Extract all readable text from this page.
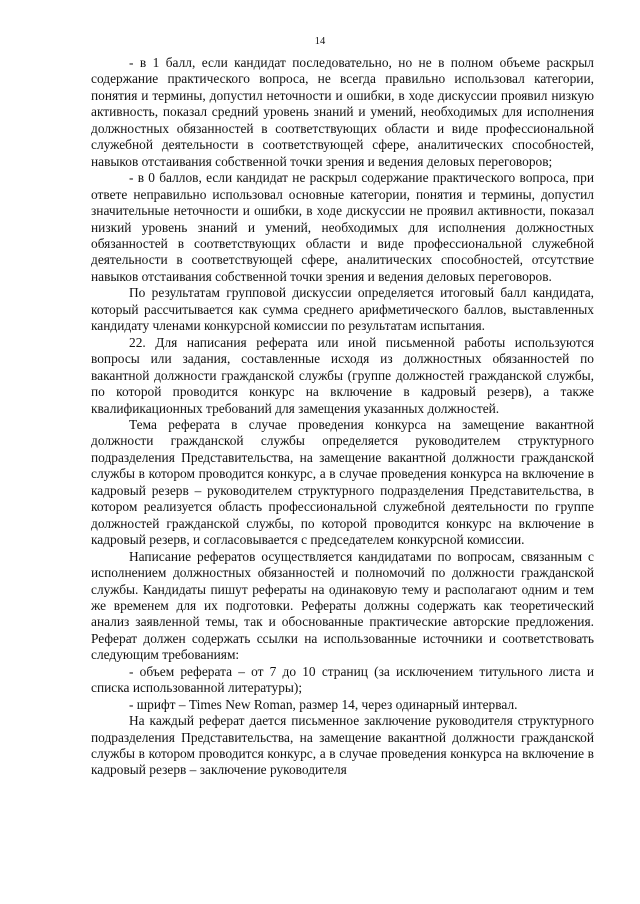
14

- в 1 балл, если кандидат последовательно, но не в полном объеме раскрыл содержание практического вопроса, не всегда правильно использовал категории, понятия и термины, допустил неточности и ошибки, в ходе дискуссии проявил низкую активность, показал средний уровень знаний и умений, необходимых для исполнения должностных обязанностей в соответствующих области и виде профессиональной служебной деятельности в соответствующей сфере, аналитических способностей, навыков отстаивания собственной точки зрения и ведения деловых переговоров;

- в 0 баллов, если кандидат не раскрыл содержание практического вопроса, при ответе неправильно использовал основные категории, понятия и термины, допустил значительные неточности и ошибки, в ходе дискуссии не проявил активности, показал низкий уровень знаний и умений, необходимых для исполнения должностных обязанностей в соответствующих области и виде профессиональной служебной деятельности в соответствующей сфере, аналитических способностей, отсутствие навыков отстаивания собственной точки зрения и ведения деловых переговоров.

По результатам групповой дискуссии определяется итоговый балл кандидата, который рассчитывается как сумма среднего арифметического баллов, выставленных кандидату членами конкурсной комиссии по результатам испытания.

22. Для написания реферата или иной письменной работы используются вопросы или задания, составленные исходя из должностных обязанностей по вакантной должности гражданской службы (группе должностей гражданской службы, по которой проводится конкурс на включение в кадровый резерв), а также квалификационных требований для замещения указанных должностей.

Тема реферата в случае проведения конкурса на замещение вакантной должности гражданской службы определяется руководителем структурного подразделения Представительства, на замещение вакантной должности гражданской службы в котором проводится конкурс, а в случае проведения конкурса на включение в кадровый резерв – руководителем структурного подразделения Представительства, в котором реализуется область профессиональной служебной деятельности по группе должностей гражданской службы, по которой проводится конкурс на включение в кадровый резерв, и согласовывается с председателем конкурсной комиссии.

Написание рефератов осуществляется кандидатами по вопросам, связанным с исполнением должностных обязанностей и полномочий по должности гражданской службы. Кандидаты пишут рефераты на одинаковую тему и располагают одним и тем же временем для их подготовки. Рефераты должны содержать как теоретический анализ заявленной темы, так и обоснованные практические авторские предложения. Реферат должен содержать ссылки на использованные источники и соответствовать следующим требованиям:

- объем реферата – от 7 до 10 страниц (за исключением титульного листа и списка использованной литературы);

- шрифт – Times New Roman, размер 14, через одинарный интервал.

На каждый реферат дается письменное заключение руководителя структурного подразделения Представительства, на замещение вакантной должности гражданской службы в котором проводится конкурс, а в случае проведения конкурса на включение в кадровый резерв – заключение руководителя
